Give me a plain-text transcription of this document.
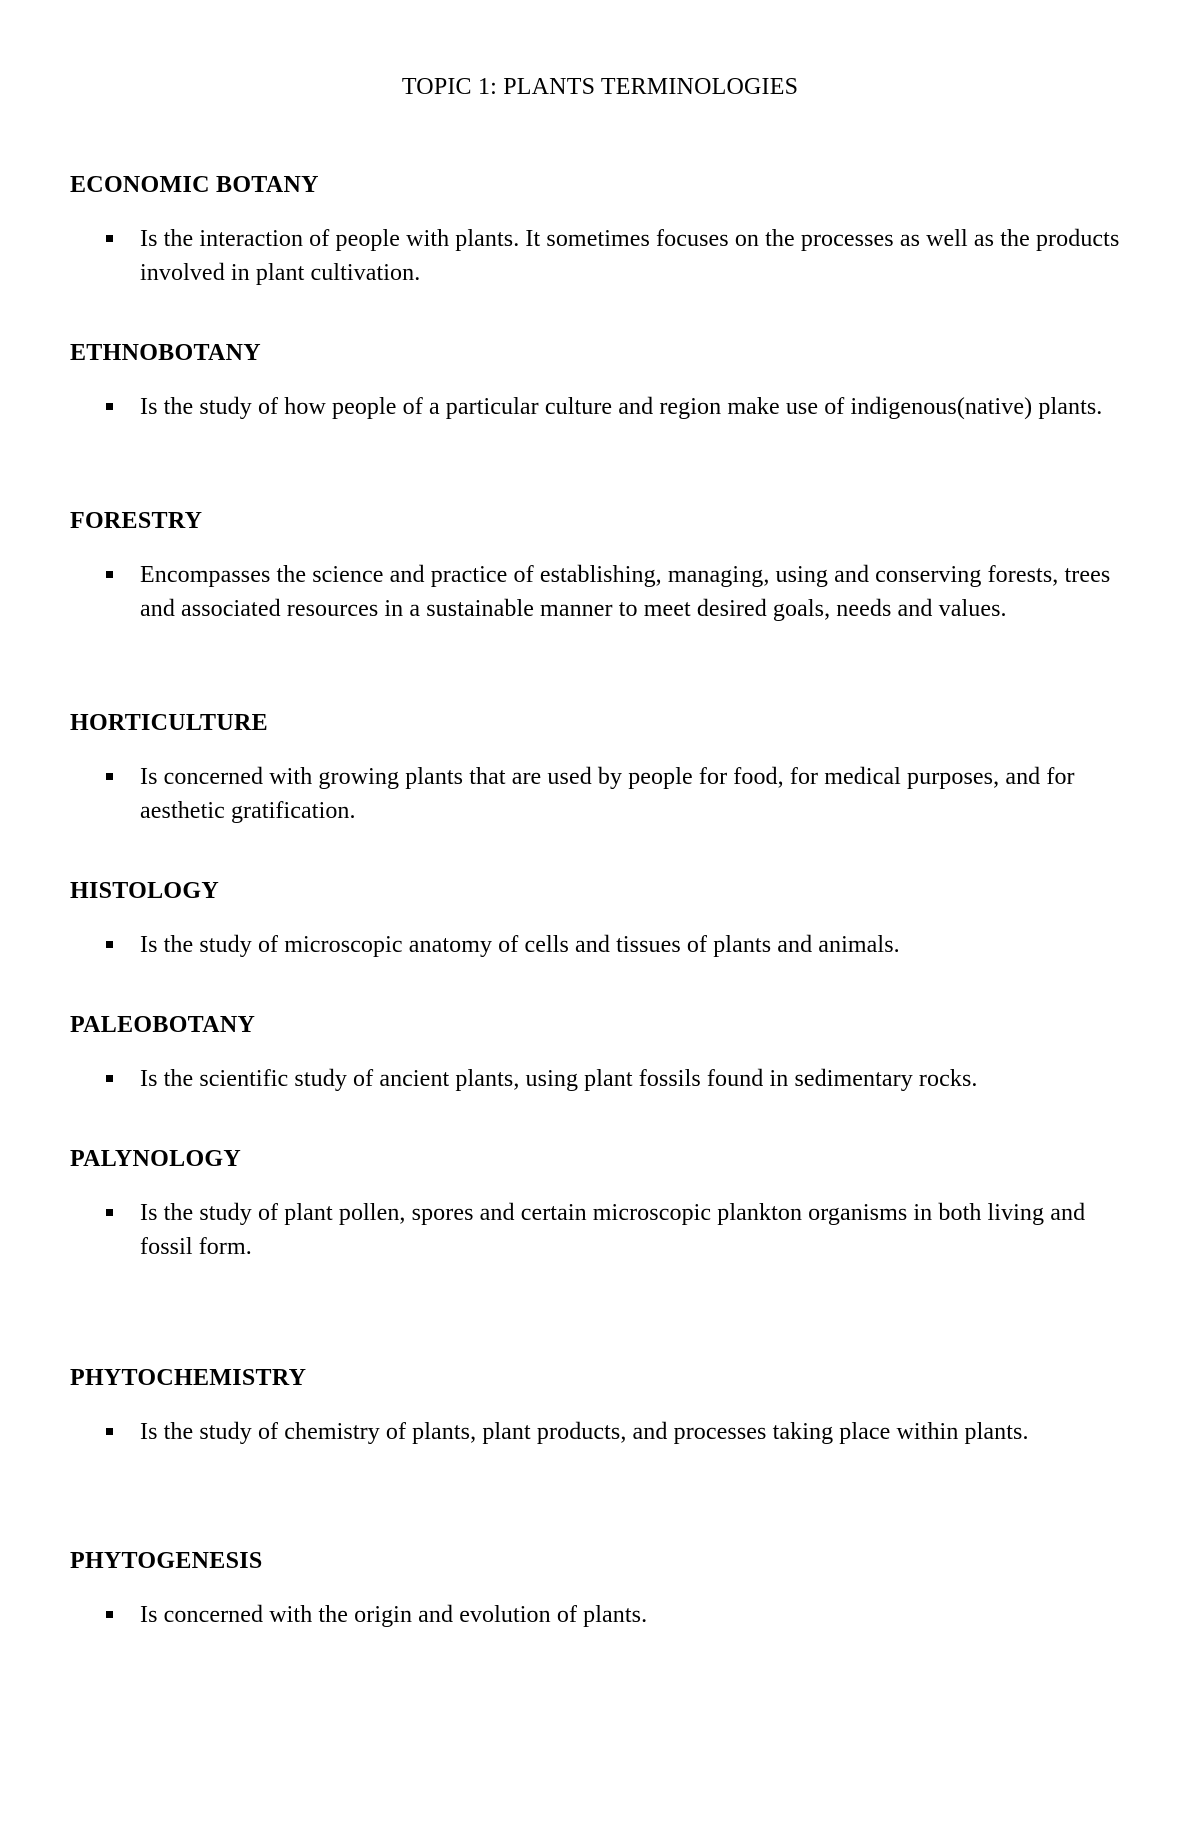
TOPIC 1: PLANTS TERMINOLOGIES
ECONOMIC BOTANY
Is the interaction of people with plants. It sometimes focuses on the processes as well as the products involved in plant cultivation.
ETHNOBOTANY
Is the study of how people of a particular culture and region make use of indigenous(native) plants.
FORESTRY
Encompasses the science and practice of establishing, managing, using and conserving forests, trees and associated resources in a sustainable manner to meet desired goals, needs and values.
HORTICULTURE
Is concerned with growing plants that are used by people for food, for medical purposes, and for aesthetic gratification.
HISTOLOGY
Is the study of microscopic anatomy of cells and tissues of plants and animals.
PALEOBOTANY
Is the scientific study of ancient plants, using plant fossils found in sedimentary rocks.
PALYNOLOGY
Is the study of plant pollen, spores and certain microscopic plankton organisms in both living and fossil form.
PHYTOCHEMISTRY
Is the study of chemistry of plants, plant products, and processes taking place within plants.
PHYTOGENESIS
Is concerned with the origin and evolution of plants.
